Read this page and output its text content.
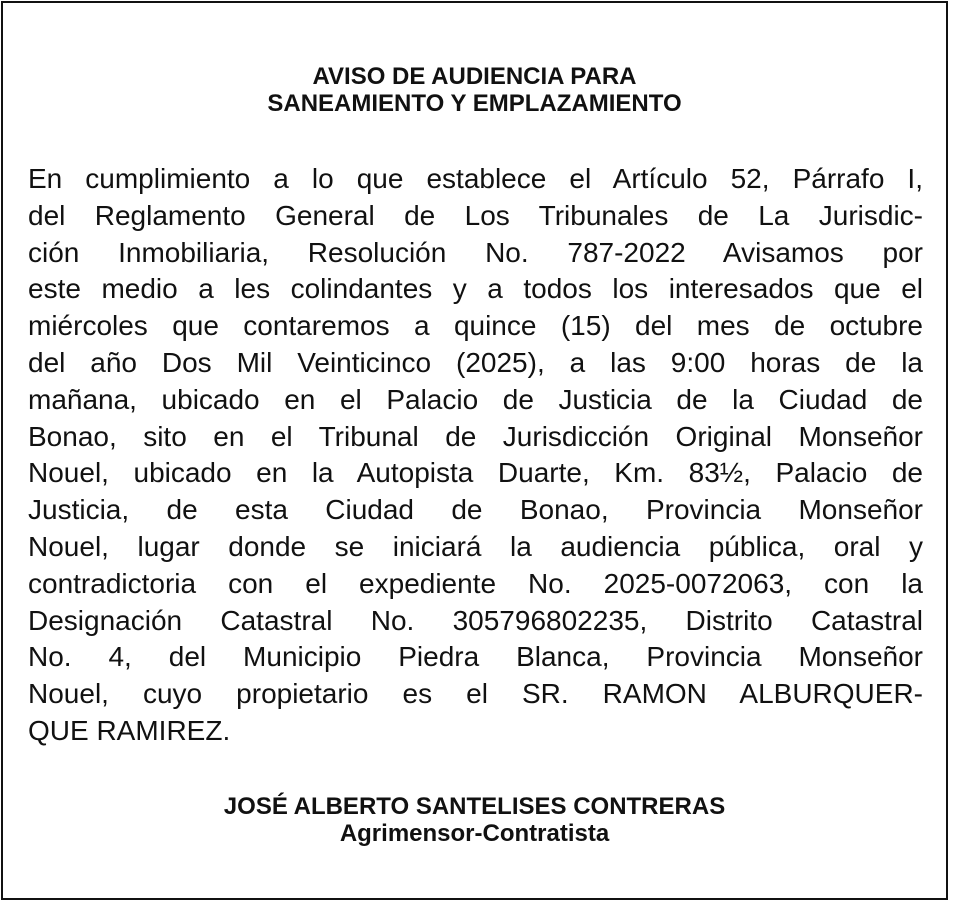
AVISO DE AUDIENCIA PARA
SANEAMIENTO Y EMPLAZAMIENTO

En cumplimiento a lo que establece el Artículo 52, Párrafo I,
del Reglamento General de Los Tribunales de La Jurisdic-
ción Inmobiliaria, Resolución No. 787-2022 Avisamos por
este medio a les colindantes y a todos los interesados que el
miércoles que contaremos a quince (15) del mes de octubre
del año Dos Mil Veinticinco (2025), a las 9:00 horas de la
mañana, ubicado en el Palacio de Justicia de la Ciudad de
Bonao, sito en el Tribunal de Jurisdicción Original Monseñor
Nouel, ubicado en la Autopista Duarte, Km. 83½, Palacio de
Justicia, de esta Ciudad de Bonao, Provincia Monseñor
Nouel, lugar donde se iniciará la audiencia pública, oral y
contradictoria con el expediente No. 2025-0072063, con la
Designación Catastral No. 305796802235, Distrito Catastral
No. 4, del Municipio Piedra Blanca, Provincia Monseñor
Nouel, cuyo propietario es el SR. RAMON ALBURQUER-
QUE RAMIREZ.

JOSÉ ALBERTO SANTELISES CONTRERAS
Agrimensor-Contratista
